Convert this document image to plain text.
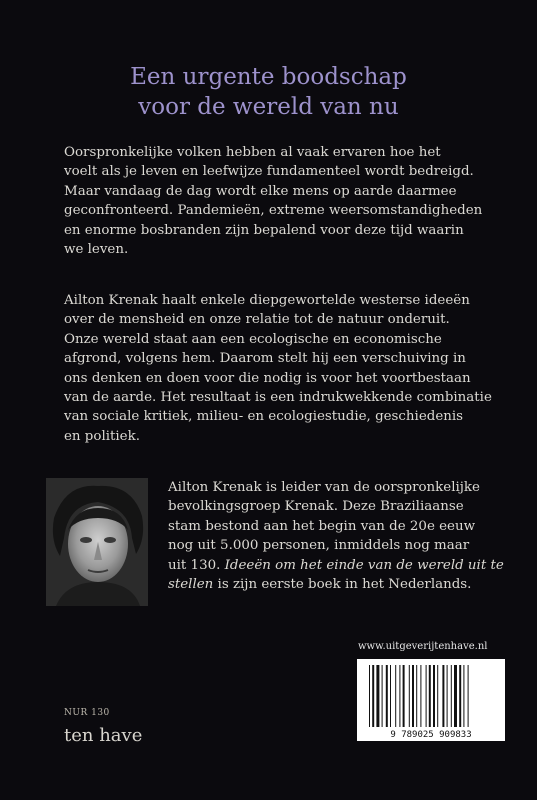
Een urgente boodschap
voor de wereld van nu
Oorspronkelijke volken hebben al vaak ervaren hoe het
voelt als je leven en leefwijze fundamenteel wordt bedreigd.
Maar vandaag de dag wordt elke mens op aarde daarmee
geconfronteerd. Pandemieën, extreme weersomstandigheden
en enorme bosbranden zijn bepalend voor deze tijd waarin
we leven.
Ailton Krenak haalt enkele diepgewortelde westerse ideeën
over de mensheid en onze relatie tot de natuur onderuit.
Onze wereld staat aan een ecologische en economische
afgrond, volgens hem. Daarom stelt hij een verschuiving in
ons denken en doen voor die nodig is voor het voortbestaan
van de aarde. Het resultaat is een indrukwekkende combinatie
van sociale kritiek, milieu- en ecologiestudie, geschiedenis
en politiek.
Ailton Krenak is leider van de oorspronkelijke
bevolkingsgroep Krenak. Deze Braziliaanse
stam bestond aan het begin van de 20e eeuw
nog uit 5.000 personen, inmiddels nog maar
uit 130. Ideeën om het einde van de wereld uit te
stellen is zijn eerste boek in het Nederlands.
www.uitgeverijtenhave.nl
9 789025 909833
NUR 130
ten have
